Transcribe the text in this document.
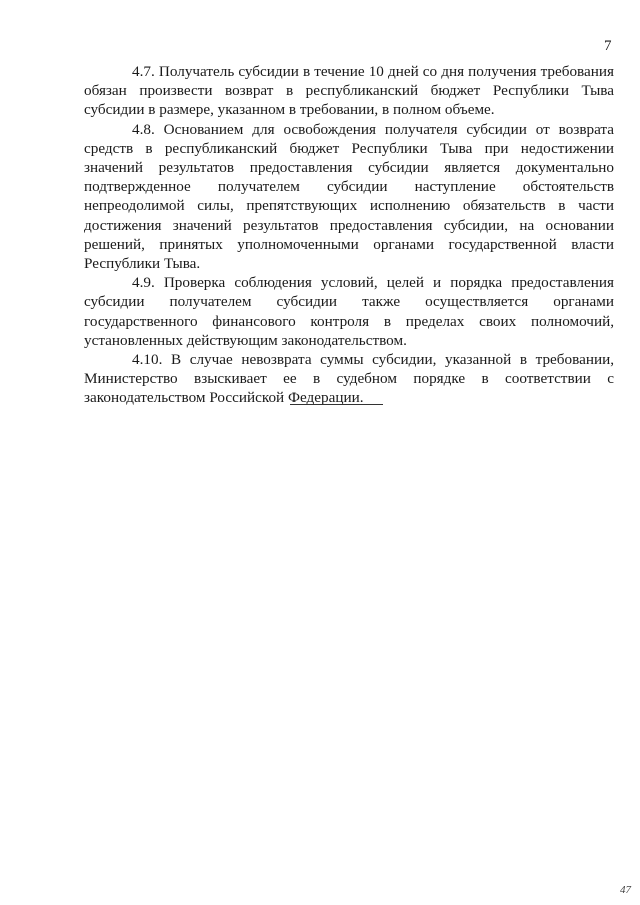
7

4.7. Получатель субсидии в течение 10 дней со дня получения требования обязан произвести возврат в республиканский бюджет Республики Тыва субсидии в размере, указанном в требовании, в полном объеме.

4.8. Основанием для освобождения получателя субсидии от возврата средств в республиканский бюджет Республики Тыва при недостижении значений результатов предоставления субсидии является документально подтвержденное получателем субсидии наступление обстоятельств непреодолимой силы, препятствующих исполнению обязательств в части достижения значений результатов предоставления субсидии, на основании решений, принятых уполномоченными органами государственной власти Республики Тыва.

4.9. Проверка соблюдения условий, целей и порядка предоставления субсидии получателем субсидии также осуществляется органами государственного финансового контроля в пределах своих полномочий, установленных действующим законодательством.

4.10. В случае невозврата суммы субсидии, указанной в требовании, Министерство взыскивает ее в судебном порядке в соответствии с законодательством Российской Федерации.

47
